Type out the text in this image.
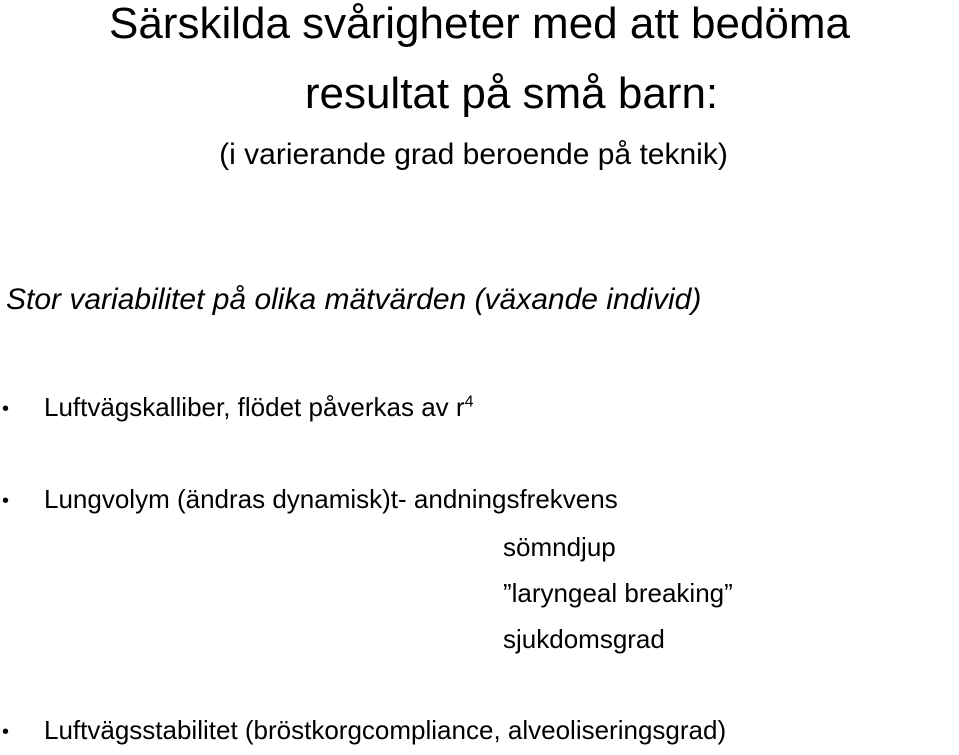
Särskilda svårigheter med att bedöma
resultat på små barn:
(i varierande grad beroende på teknik)
Stor variabilitet på olika mätvärden (växande individ)
• Luftvägskalliber, flödet påverkas av $r^4$
• Lungvolym (ändras dynamisk)t- andningsfrekvens
sömndjup
”laryngeal breaking”
sjukdomsgrad
• Luftvägsstabilitet (bröstkorgcompliance, alveoliseringsgrad)
